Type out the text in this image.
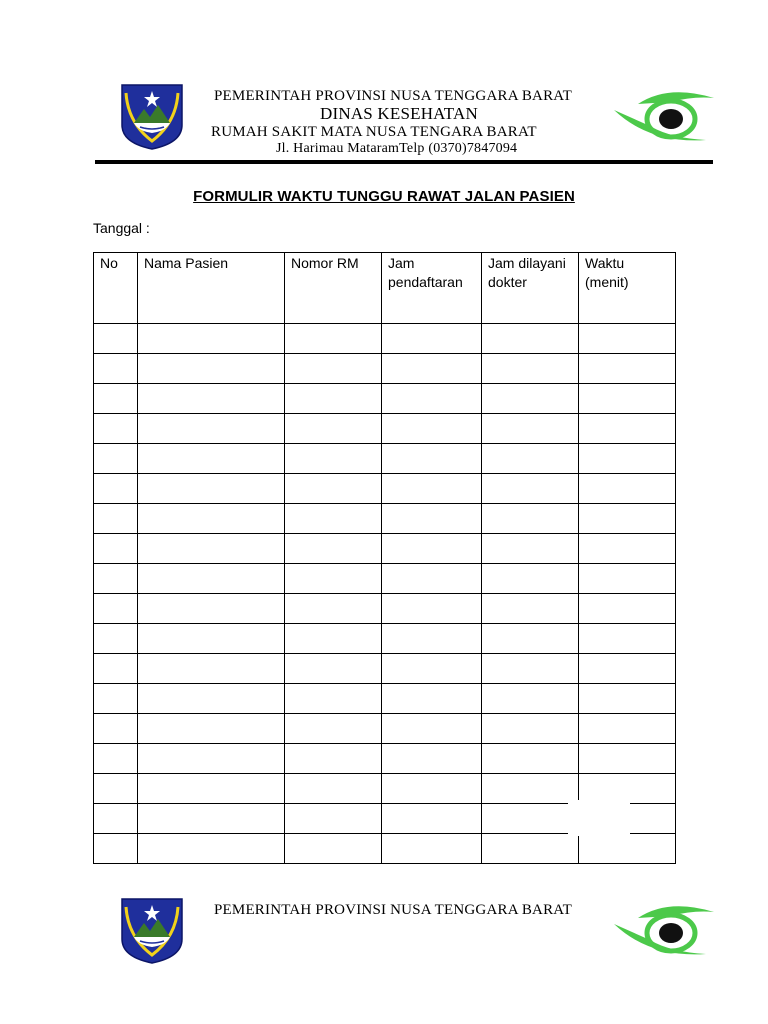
PEMERINTAH PROVINSI NUSA TENGGARA BARAT
DINAS KESEHATAN
RUMAH SAKIT MATA NUSA TENGARA BARAT
Jl. Harimau MataramTelp (0370)7847094
FORMULIR WAKTU TUNGGU RAWAT JALAN PASIEN
Tanggal :
No	Nama Pasien	Nomor RM	Jam pendaftaran	Jam dilayani dokter	Waktu (menit)

PEMERINTAH PROVINSI NUSA TENGGARA BARAT
